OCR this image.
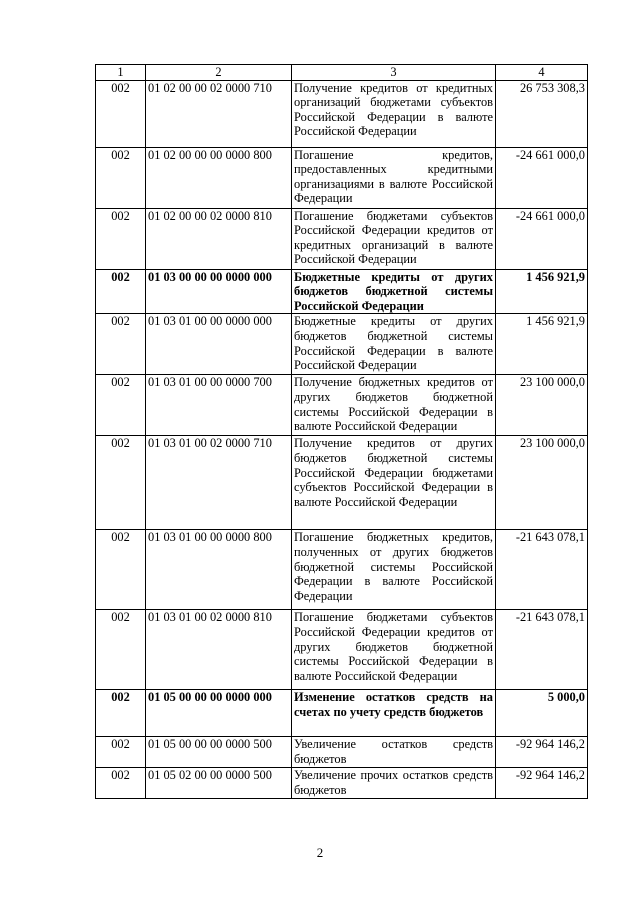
1	2	3	4
002	01 02 00 00 02 0000 710	Получение кредитов от кредитных организаций бюджетами субъектов Российской Федерации в валюте Российской Федерации	26 753 308,3
002	01 02 00 00 00 0000 800	Погашение кредитов, предоставленных кредитными организациями в валюте Российской Федерации	-24 661 000,0
002	01 02 00 00 02 0000 810	Погашение бюджетами субъектов Российской Федерации кредитов от кредитных организаций в валюте Российской Федерации	-24 661 000,0
002	01 03 00 00 00 0000 000	Бюджетные кредиты от других бюджетов бюджетной системы Российской Федерации	1 456 921,9
002	01 03 01 00 00 0000 000	Бюджетные кредиты от других бюджетов бюджетной системы Российской Федерации в валюте Российской Федерации	1 456 921,9
002	01 03 01 00 00 0000 700	Получение бюджетных кредитов от других бюджетов бюджетной системы Российской Федерации в валюте Российской Федерации	23 100 000,0
002	01 03 01 00 02 0000 710	Получение кредитов от других бюджетов бюджетной системы Российской Федерации бюджетами субъектов Российской Федерации в валюте Российской Федерации	23 100 000,0
002	01 03 01 00 00 0000 800	Погашение бюджетных кредитов, полученных от других бюджетов бюджетной системы Российской Федерации в валюте Российской Федерации	-21 643 078,1
002	01 03 01 00 02 0000 810	Погашение бюджетами субъектов Российской Федерации кредитов от других бюджетов бюджетной системы Российской Федерации в валюте Российской Федерации	-21 643 078,1
002	01 05 00 00 00 0000 000	Изменение остатков средств на счетах по учету средств бюджетов	5 000,0
002	01 05 00 00 00 0000 500	Увеличение остатков средств бюджетов	-92 964 146,2
002	01 05 02 00 00 0000 500	Увеличение прочих остатков средств бюджетов	-92 964 146,2
2
